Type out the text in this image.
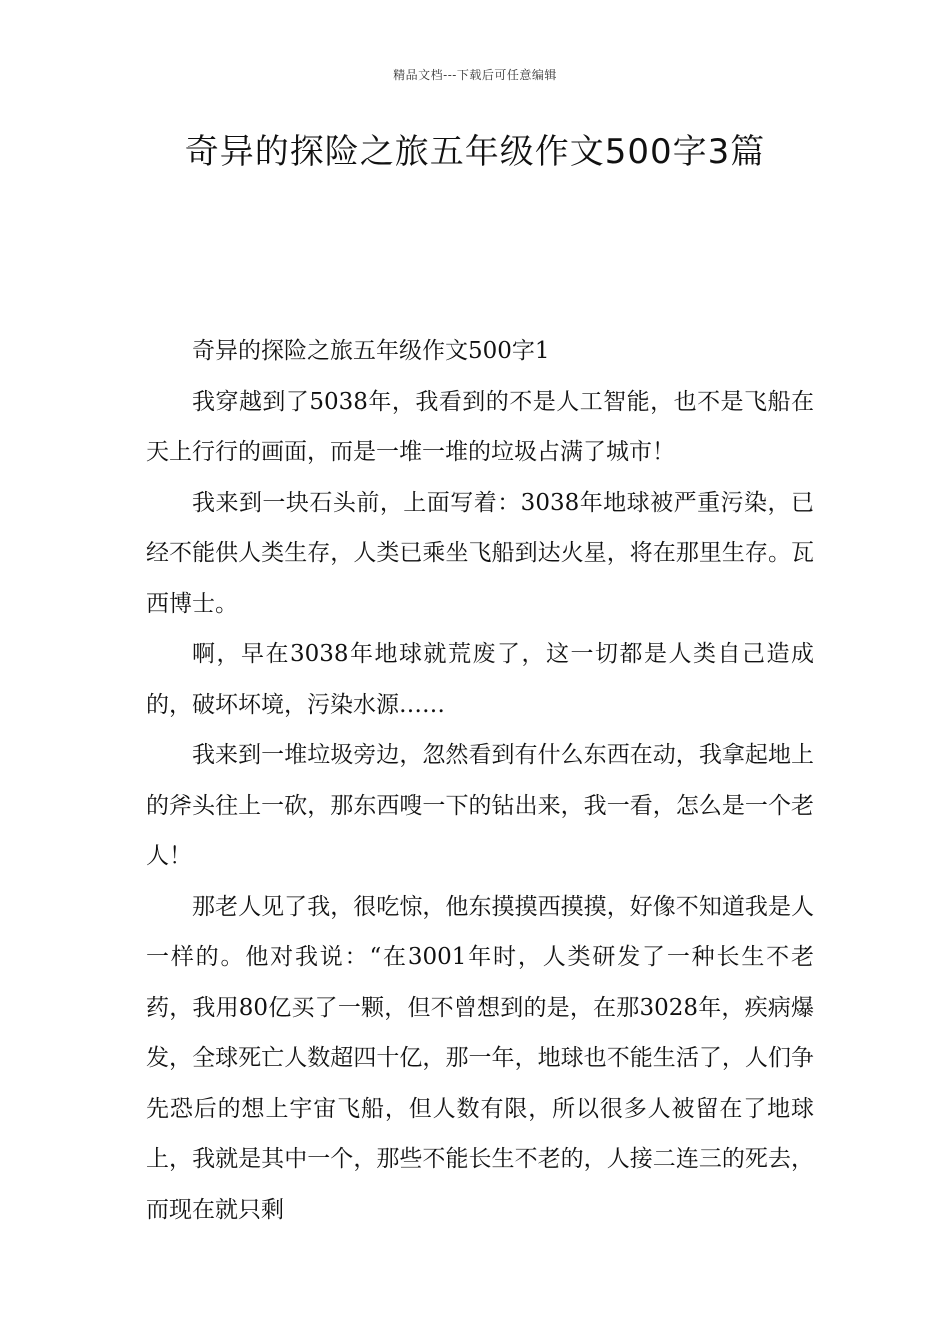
精品文档---下载后可任意编辑
奇异的探险之旅五年级作文500字3篇

奇异的探险之旅五年级作文500字1

我穿越到了5038年，我看到的不是人工智能，也不是飞船在天上行行的画面，而是一堆一堆的垃圾占满了城市！

我来到一块石头前，上面写着：3038年地球被严重污染，已经不能供人类生存，人类已乘坐飞船到达火星，将在那里生存。瓦西博士。

啊，早在3038年地球就荒废了，这一切都是人类自己造成的，破坏坏境，污染水源……

我来到一堆垃圾旁边，忽然看到有什么东西在动，我拿起地上的斧头往上一砍，那东西嗖一下的钻出来，我一看，怎么是一个老人！

那老人见了我，很吃惊，他东摸摸西摸摸，好像不知道我是人一样的。他对我说：“在3001年时，人类研发了一种长生不老药，我用80亿买了一颗，但不曾想到的是，在那3028年，疾病爆发，全球死亡人数超四十亿，那一年，地球也不能生活了，人们争先恐后的想上宇宙飞船，但人数有限，所以很多人被留在了地球上，我就是其中一个，那些不能长生不老的，人接二连三的死去，而现在就只剩
